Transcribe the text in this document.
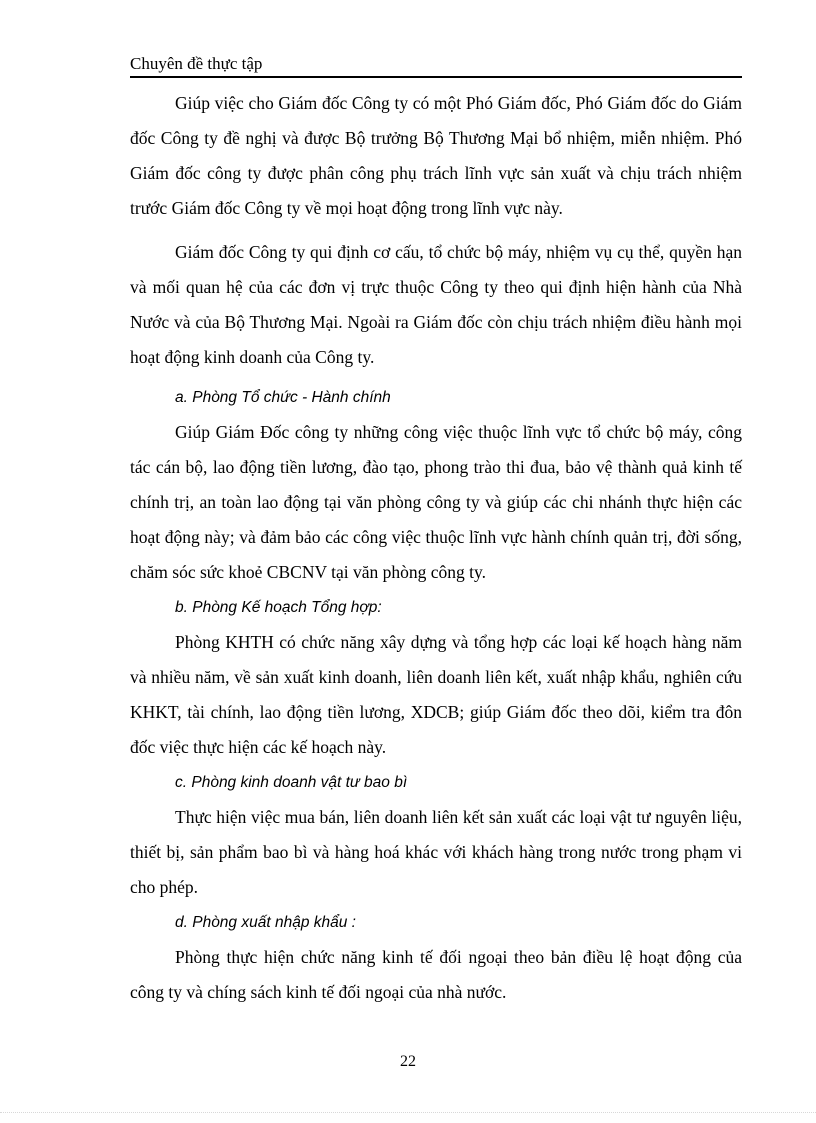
Chuyên đề thực tập

Giúp việc cho Giám đốc Công ty có một Phó Giám đốc, Phó Giám đốc do Giám đốc Công ty đề nghị và được Bộ trưởng Bộ Thương Mại bổ nhiệm, miễn nhiệm. Phó Giám đốc công ty được phân công phụ trách lĩnh vực sản xuất và chịu trách nhiệm trước Giám đốc Công ty về mọi hoạt động trong lĩnh vực này.

Giám đốc Công ty qui định cơ cấu, tổ chức bộ máy, nhiệm vụ cụ thể, quyền hạn và mối quan hệ của các đơn vị trực thuộc Công ty theo qui định hiện hành của Nhà Nước và của Bộ Thương Mại. Ngoài ra Giám đốc còn chịu trách nhiệm điều hành mọi hoạt động kinh doanh của Công ty.

a. Phòng Tổ chức - Hành chính

Giúp Giám Đốc công ty những công việc thuộc lĩnh vực tổ chức bộ máy, công tác cán bộ, lao động tiền lương, đào tạo, phong trào thi đua, bảo vệ thành quả kinh tế chính trị, an toàn lao động tại văn phòng công ty và giúp các chi nhánh thực hiện các hoạt động này; và đảm bảo các công việc thuộc lĩnh vực hành chính quản trị, đời sống, chăm sóc sức khoẻ CBCNV tại văn phòng công ty.

b. Phòng Kế hoạch Tổng hợp:

Phòng KHTH có chức năng xây dựng và tổng hợp các loại kế hoạch hàng năm và nhiều năm, về sản xuất kinh doanh, liên doanh liên kết, xuất nhập khẩu, nghiên cứu KHKT, tài chính, lao động tiền lương, XDCB; giúp Giám đốc theo dõi, kiểm tra đôn đốc việc thực hiện các kế hoạch này.

c. Phòng kinh doanh vật tư bao bì

Thực hiện việc mua bán, liên doanh liên kết sản xuất các loại vật tư nguyên liệu, thiết bị, sản phẩm bao bì và hàng hoá khác với khách hàng trong nước trong phạm vi cho phép.

d. Phòng xuất nhập khẩu :

Phòng thực hiện chức năng kinh tế đối ngoại theo bản điều lệ hoạt động của công ty và chíng sách kinh tế đối ngoại của nhà nước.

22
